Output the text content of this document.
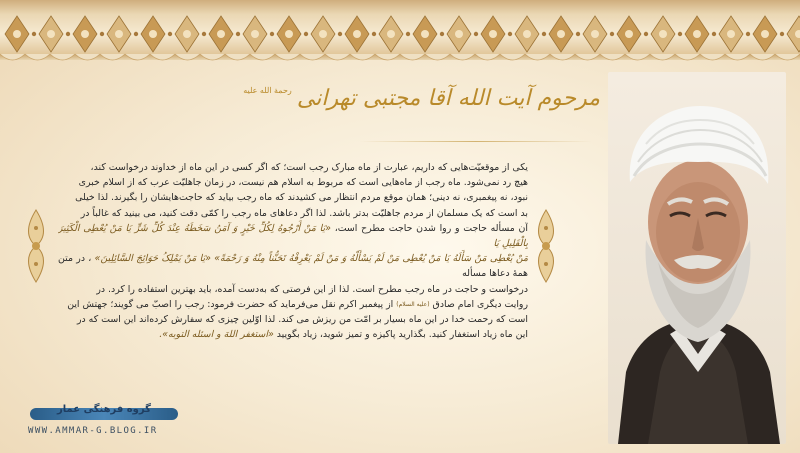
مرحوم آیت الله آقا مجتبی تهرانی $^{رحمة الله علیه}$

یکی از موقعیّت‌هایی که داریم، عبارت از ماه مبارک رجب است؛ که اگر کسی در این ماه از خداوند درخواست کند،

هیچ رد نمی‌شود. ماه رجب از ماه‌هایی است که مربوط به اسلام هم نیست، در زمان جاهلیّت عرب که از اسلام خبری

نبود، نه پیغمبری، نه دینی؛ همان موقع مردم انتظار می کشیدند که ماه رجب بیاید که حاجت‌هایشان را بگیرند. لذا خیلی

بد است که یک مسلمان از مردم جاهلیّت بدتر باشد. لذا اگر دعاهای ماه رجب را کمّی دقت کنید، می بینید که غالباً در

آن مسأله حاجت و روا شدن حاجت مطرح است، «یَا مَنْ أَرْجُوهُ لِکُلِّ خَیْرٍ وَ آمَنُ سَخَطَهُ عِنْدَ کُلِّ شَرٍّ یَا مَنْ یُعْطِی الْکَثِیرَ بِالْقَلِیلِ یَا

مَنْ یُعْطِی مَنْ سَأَلَهُ یَا مَنْ یُعْطِی مَنْ لَمْ یَسْأَلْهُ وَ مَنْ لَمْ یَعْرِفْهُ تَحَنُّناً مِنْهُ وَ رَحْمَةً» «یَا مَنْ یَمْلِکُ حَوَائِجَ السَّائِلِینَ» ، در متن همهٔ دعاها مسأله

درخواست و حاجت در ماه رجب مطرح است. لذا از این فرصتی که به‌دست آمده، باید بهترین استفاده را کرد. در

روایت دیگری امام صادق $^{(علیه السلام)}$ از پیغمبر اکرم نقل می‌فرماید که حضرت فرمود: رجب را اصبّ می گویند؛ جهتش این

است که رحمت خدا در این ماه بسیار بر امّت من ریزش می کند. لذا اوّلین چیزی که سفارش کرده‌اند این است که در

این ماه زیاد استغفار کنید. بگذارید پاکیزه و تمیز شوید، زیاد بگویید «استغفر اللهَ و اسئله التوبه».

گروه فرهنگی عمار
WWW.AMMAR-G.BLOG.IR
